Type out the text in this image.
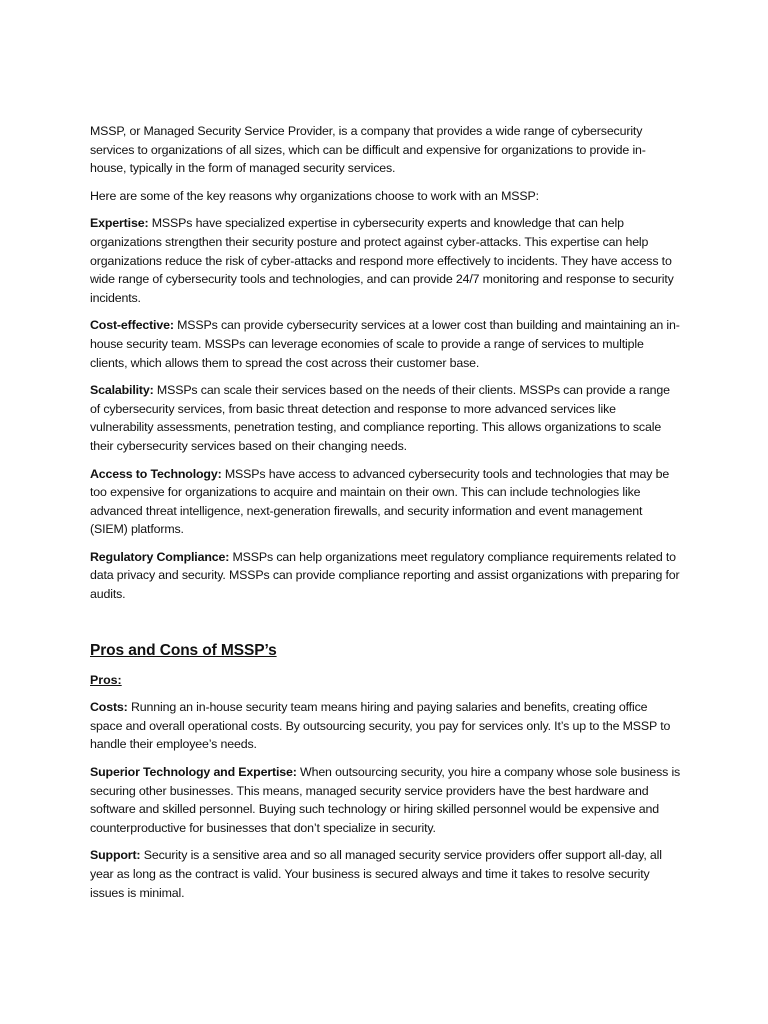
MSSP, or Managed Security Service Provider, is a company that provides a wide range of cybersecurity services to organizations of all sizes, which can be difficult and expensive for organizations to provide in-house, typically in the form of managed security services.

Here are some of the key reasons why organizations choose to work with an MSSP:

Expertise: MSSPs have specialized expertise in cybersecurity experts and knowledge that can help organizations strengthen their security posture and protect against cyber-attacks. This expertise can help organizations reduce the risk of cyber-attacks and respond more effectively to incidents. They have access to wide range of cybersecurity tools and technologies, and can provide 24/7 monitoring and response to security incidents.

Cost-effective: MSSPs can provide cybersecurity services at a lower cost than building and maintaining an in-house security team. MSSPs can leverage economies of scale to provide a range of services to multiple clients, which allows them to spread the cost across their customer base.

Scalability: MSSPs can scale their services based on the needs of their clients. MSSPs can provide a range of cybersecurity services, from basic threat detection and response to more advanced services like vulnerability assessments, penetration testing, and compliance reporting. This allows organizations to scale their cybersecurity services based on their changing needs.

Access to Technology: MSSPs have access to advanced cybersecurity tools and technologies that may be too expensive for organizations to acquire and maintain on their own. This can include technologies like advanced threat intelligence, next-generation firewalls, and security information and event management (SIEM) platforms.

Regulatory Compliance: MSSPs can help organizations meet regulatory compliance requirements related to data privacy and security. MSSPs can provide compliance reporting and assist organizations with preparing for audits.

Pros and Cons of MSSP’s
Pros:

Costs: Running an in-house security team means hiring and paying salaries and benefits, creating office space and overall operational costs. By outsourcing security, you pay for services only. It’s up to the MSSP to handle their employee’s needs.

Superior Technology and Expertise: When outsourcing security, you hire a company whose sole business is securing other businesses. This means, managed security service providers have the best hardware and software and skilled personnel. Buying such technology or hiring skilled personnel would be expensive and counterproductive for businesses that don’t specialize in security.

Support: Security is a sensitive area and so all managed security service providers offer support all-day, all year as long as the contract is valid. Your business is secured always and time it takes to resolve security issues is minimal.
